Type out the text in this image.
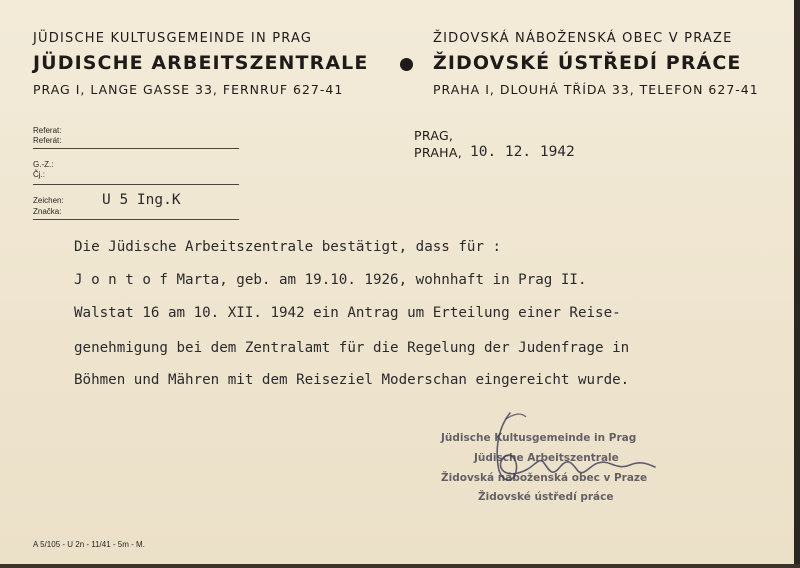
JÜDISCHE KULTUSGEMEINDE IN PRAG
JÜDISCHE ARBEITSZENTRALE
PRAG I, LANGE GASSE 33, FERNRUF 627-41
ŽIDOVSKÁ NÁBOŽENSKÁ OBEC V PRAZE
ŽIDOVSKÉ ÚSTŘEDÍ PRÁCE
PRAHA I, DLOUHÁ TŘÍDA 33, TELEFON 627-41
Referat:
Referát:
G.-Z.:
Čj.:
Zeichen:
Značka:
U 5 Ing.K
PRAG,
PRAHA, 10. 12. 1942
Die Jüdische Arbeitszentrale bestätigt, dass für :
J o n t o f Marta, geb. am 19.10. 1926, wohnhaft in Prag II.
Walstat 16 am 10. XII. 1942 ein Antrag um Erteilung einer Reise-
genehmigung bei dem Zentralamt für die Regelung der Judenfrage in
Böhmen und Mähren mit dem Reiseziel Moderschan eingereicht wurde.
Jüdische Kultusgemeinde in Prag
Jüdische Arbeitszentrale
Židovská náboženská obec v Praze
Židovské ústředí práce
A 5/105 - U 2n - 11/41 - 5m - M.
